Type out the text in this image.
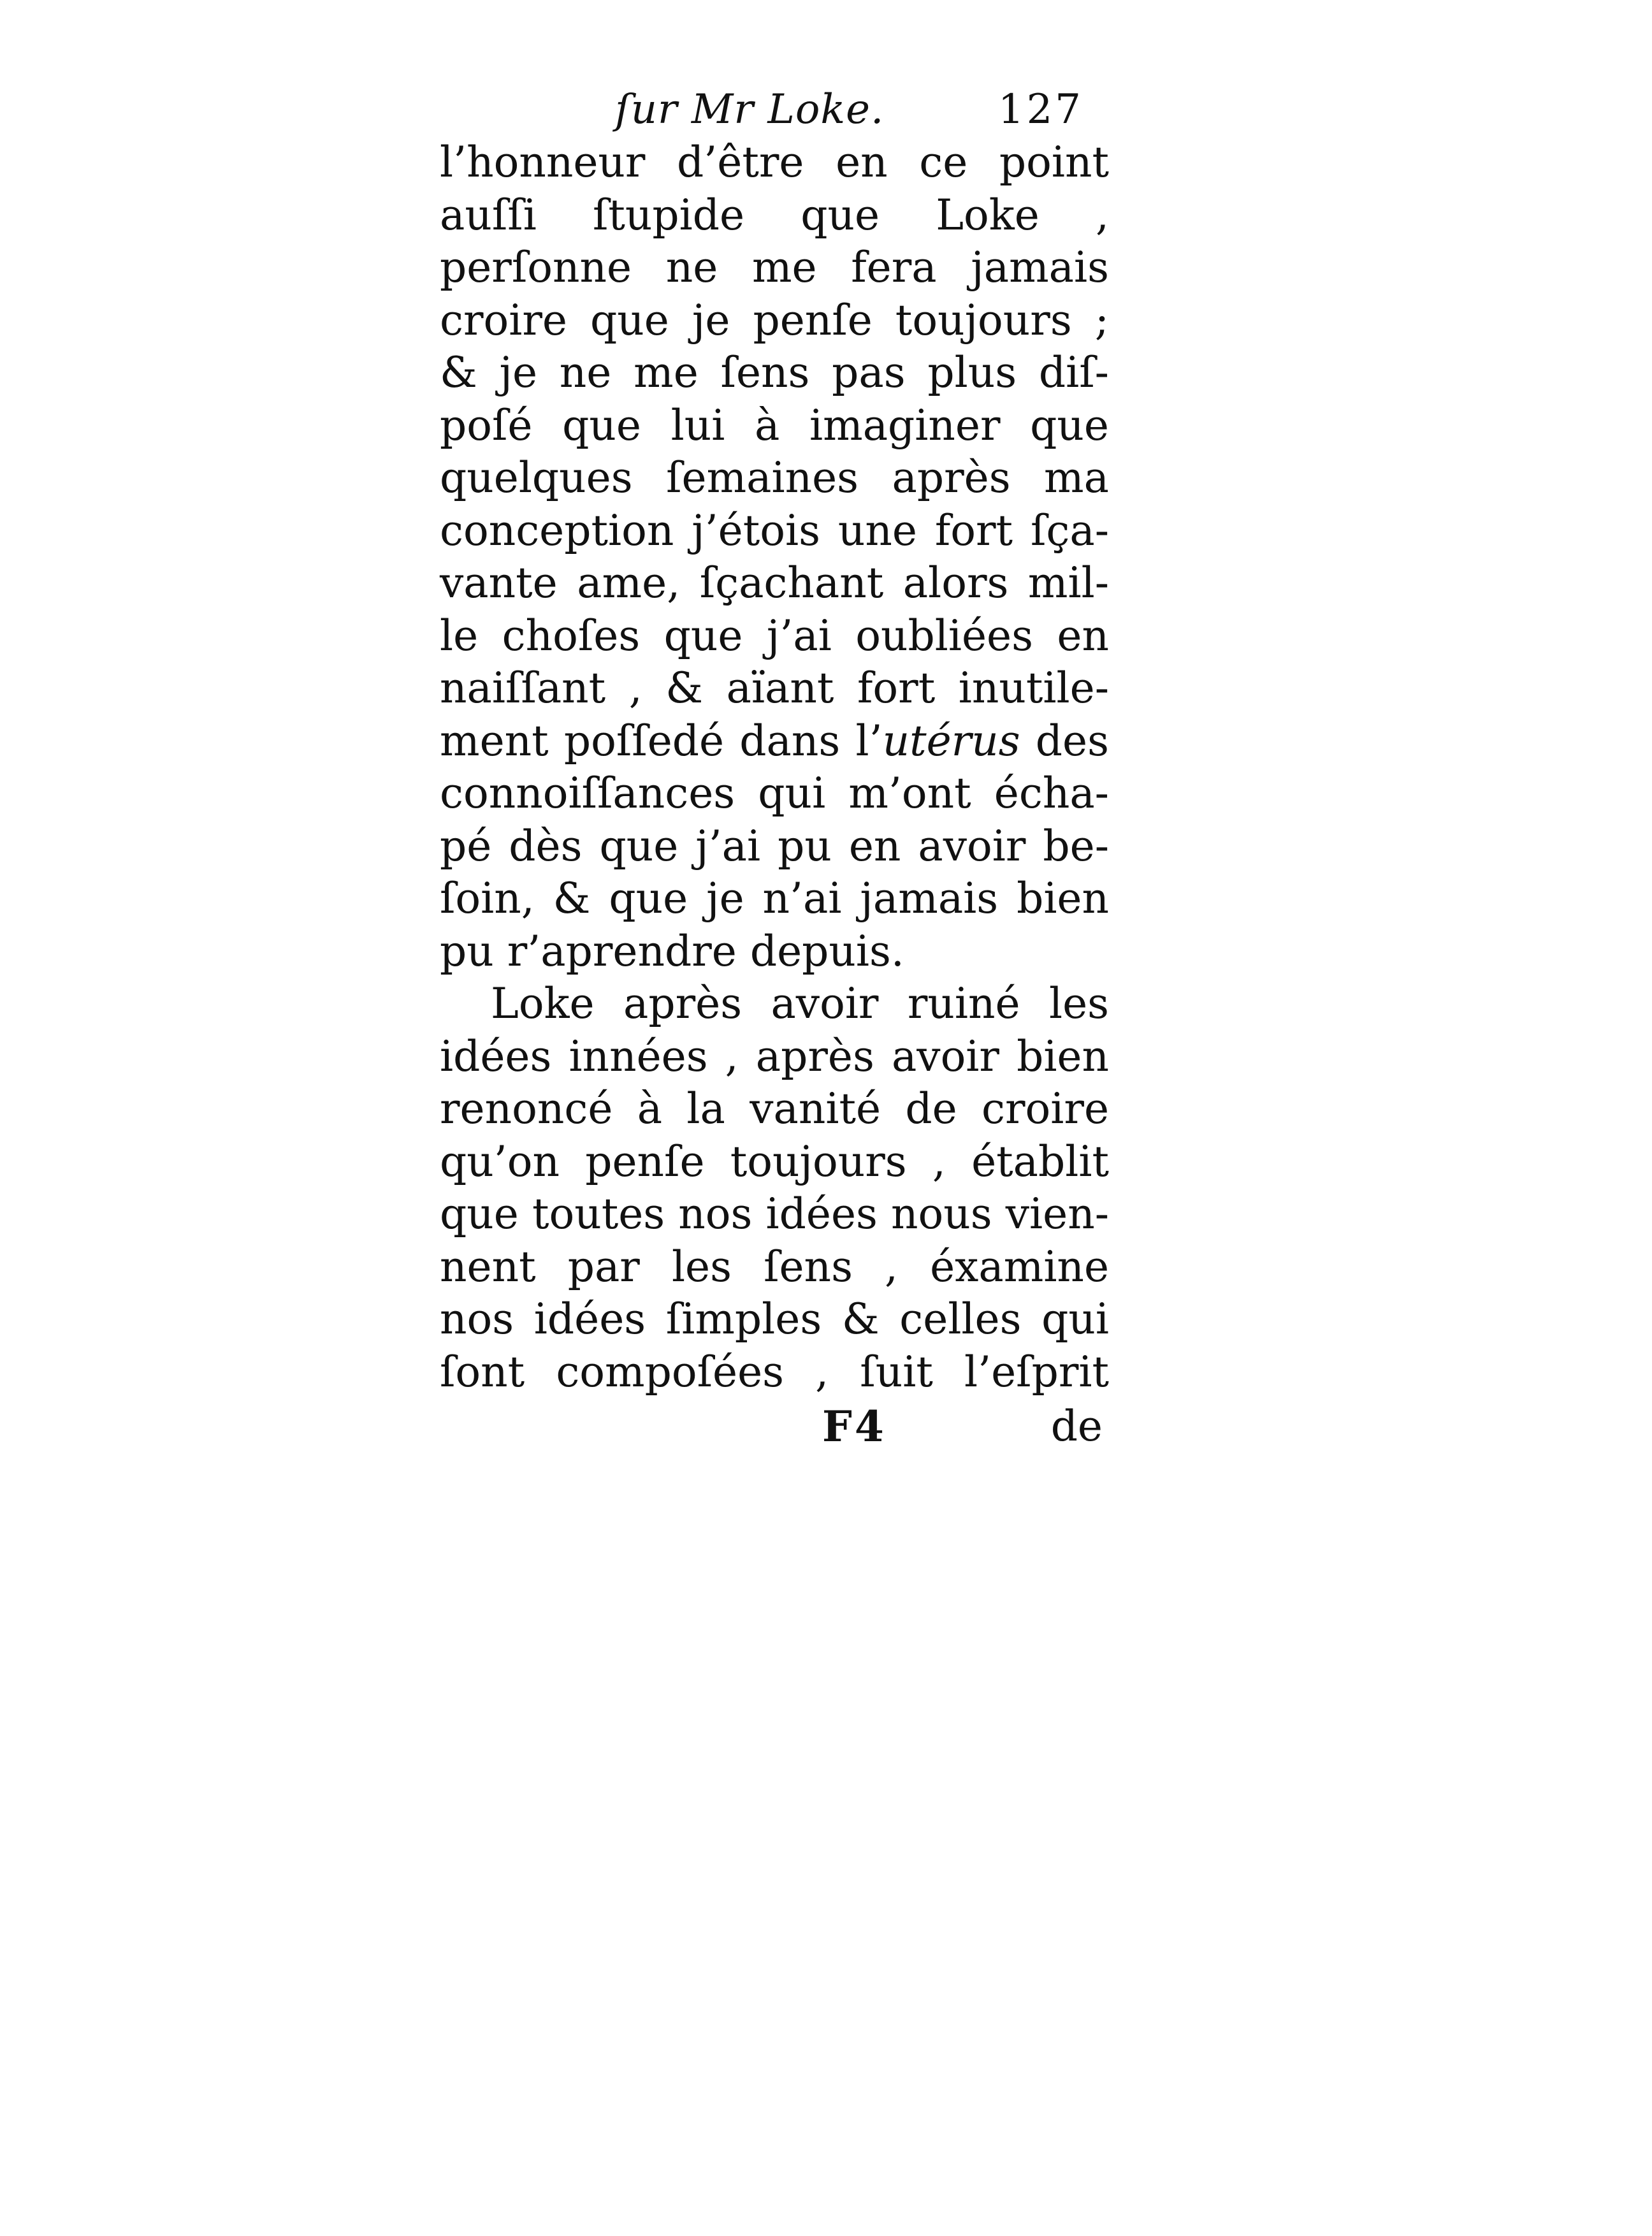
ſur Mr Loke.	127
l’honneur d’être en ce point
auſſi ſtupide que Loke ,
perſonne ne me fera jamais
croire que je penſe toujours ;
& je ne me ſens pas plus diſ-
poſé que lui à imaginer que
quelques ſemaines après ma
conception j’étois une fort ſça-
vante ame, ſçachant alors mil-
le choſes que j’ai oubliées en
naiſſant , & aïant fort inutile-
ment poſſedé dans l’utérus des
connoiſſances qui m’ont écha-
pé dès que j’ai pu en avoir be-
ſoin, & que je n’ai jamais bien
pu r’aprendre depuis.
Loke après avoir ruiné les
idées innées , après avoir bien
renoncé à la vanité de croire
qu’on penſe toujours , établit
que toutes nos idées nous vien-
nent par les ſens , éxamine
nos idées ſimples & celles qui
ſont compoſées , ſuit l’eſprit
F4	de
